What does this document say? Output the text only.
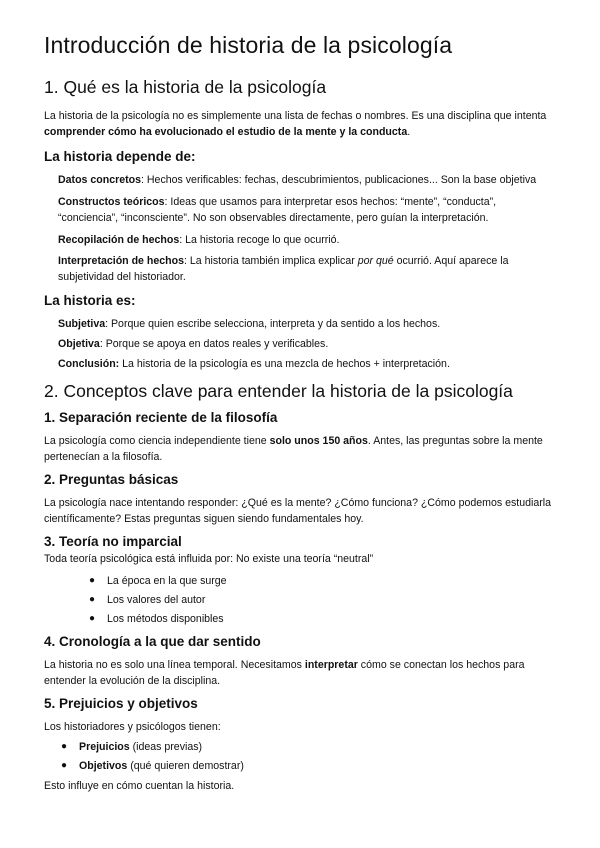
Introducción de historia de la psicología
1. Qué es la historia de la psicología

La historia de la psicología no es simplemente una lista de fechas o nombres. Es una disciplina que intenta comprender cómo ha evolucionado el estudio de la mente y la conducta.

La historia depende de:

Datos concretos: Hechos verificables: fechas, descubrimientos, publicaciones... Son la base objetiva

Constructos teóricos: Ideas que usamos para interpretar esos hechos: “mente”, “conducta”, “conciencia”, “inconsciente”. No son observables directamente, pero guían la interpretación.

Recopilación de hechos: La historia recoge lo que ocurrió.

Interpretación de hechos: La historia también implica explicar por qué ocurrió. Aquí aparece la subjetividad del historiador.

La historia es:

Subjetiva: Porque quien escribe selecciona, interpreta y da sentido a los hechos.

Objetiva: Porque se apoya en datos reales y verificables.

Conclusión: La historia de la psicología es una mezcla de hechos + interpretación.

2. Conceptos clave para entender la historia de la psicología
1. Separación reciente de la filosofía

La psicología como ciencia independiente tiene solo unos 150 años. Antes, las preguntas sobre la mente pertenecían a la filosofía.

2. Preguntas básicas

La psicología nace intentando responder: ¿Qué es la mente? ¿Cómo funciona? ¿Cómo podemos estudiarla científicamente? Estas preguntas siguen siendo fundamentales hoy.

3. Teoría no imparcial

Toda teoría psicológica está influida por: No existe una teoría “neutral”

● La época en la que surge
● Los valores del autor
● Los métodos disponibles
4. Cronología a la que dar sentido

La historia no es solo una línea temporal. Necesitamos interpretar cómo se conectan los hechos para entender la evolución de la disciplina.

5. Prejuicios y objetivos

Los historiadores y psicólogos tienen:

● Prejuicios (ideas previas)
● Objetivos (qué quieren demostrar)

Esto influye en cómo cuentan la historia.
